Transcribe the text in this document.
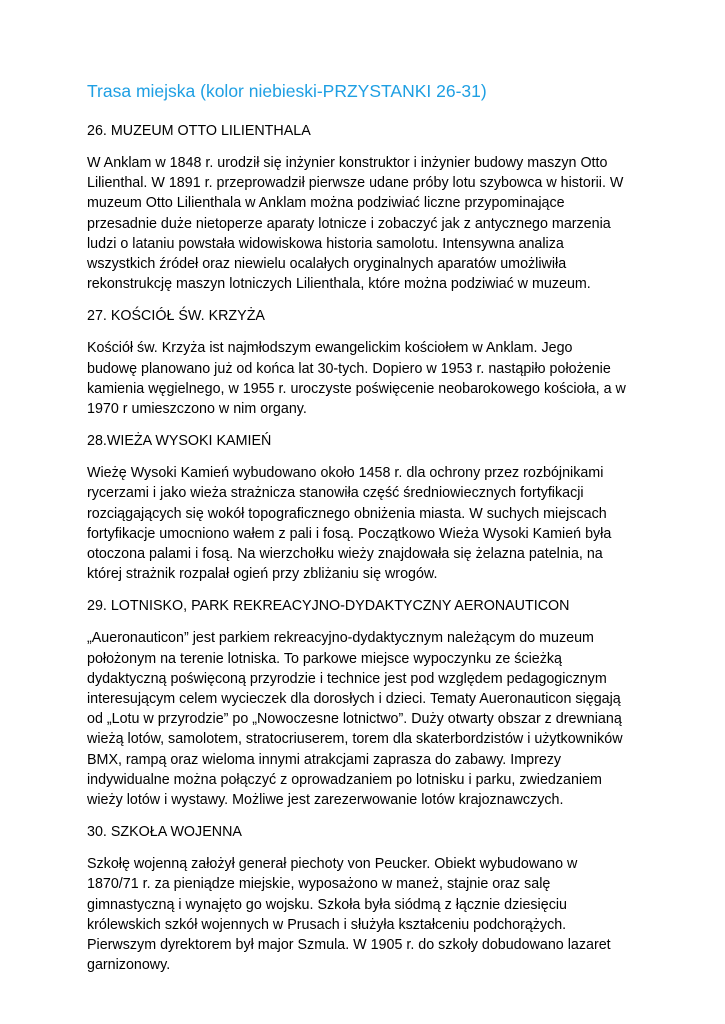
Trasa miejska (kolor niebieski-PRZYSTANKI 26-31)

26. MUZEUM OTTO LILIENTHALA

W Anklam w 1848 r. urodził się inżynier konstruktor i inżynier budowy maszyn Otto
Lilienthal. W 1891 r. przeprowadził pierwsze udane próby lotu szybowca w historii. W
muzeum Otto Lilienthala w Anklam można podziwiać liczne przypominające
przesadnie duże nietoperze aparaty lotnicze i zobaczyć jak z antycznego marzenia
ludzi o lataniu powstała widowiskowa historia samolotu. Intensywna analiza
wszystkich źródeł oraz niewielu ocalałych oryginalnych aparatów umożliwiła
rekonstrukcję maszyn lotniczych Lilienthala, które można podziwiać w muzeum.

27. KOŚCIÓŁ ŚW. KRZYŻA

Kościół św. Krzyża ist najmłodszym ewangelickim kościołem w Anklam. Jego
budowę planowano już od końca lat 30-tych. Dopiero w 1953 r. nastąpiło położenie
kamienia węgielnego, w 1955 r. uroczyste poświęcenie neobarokowego kościoła, a w
1970 r umieszczono w nim organy.

28.WIEŻA WYSOKI KAMIEŃ

Wieżę Wysoki Kamień wybudowano około 1458 r. dla ochrony przez rozbójnikami
rycerzami i jako wieża strażnicza stanowiła część średniowiecznych fortyfikacji
rozciągających się wokół topograficznego obniżenia miasta. W suchych miejscach
fortyfikacje umocniono wałem z pali i fosą. Początkowo Wieża Wysoki Kamień była
otoczona palami i fosą. Na wierzchołku wieży znajdowała się żelazna patelnia, na
której strażnik rozpalał ogień przy zbliżaniu się wrogów.

29. LOTNISKO, PARK REKREACYJNO-DYDAKTYCZNY AERONAUTICON

„Aueronauticon” jest parkiem rekreacyjno-dydaktycznym należącym do muzeum
położonym na terenie lotniska. To parkowe miejsce wypoczynku ze ścieżką
dydaktyczną poświęconą przyrodzie i technice jest pod względem pedagogicznym
interesującym celem wycieczek dla dorosłych i dzieci. Tematy Aueronauticon sięgają
od „Lotu w przyrodzie” po „Nowoczesne lotnictwo”. Duży otwarty obszar z drewnianą
wieżą lotów, samolotem, stratocriuserem, torem dla skaterbordzistów i użytkowników
BMX, rampą oraz wieloma innymi atrakcjami zaprasza do zabawy. Imprezy
indywidualne można połączyć z oprowadzaniem po lotnisku i parku, zwiedzaniem
wieży lotów i wystawy. Możliwe jest zarezerwowanie lotów krajoznawczych.

30. SZKOŁA WOJENNA

Szkołę wojenną założył generał piechoty von Peucker. Obiekt wybudowano w
1870/71 r. za pieniądze miejskie, wyposażono w maneż, stajnie oraz salę
gimnastyczną i wynajęto go wojsku. Szkoła była siódmą z łącznie dziesięciu
królewskich szkół wojennych w Prusach i służyła kształceniu podchorążych.
Pierwszym dyrektorem był major Szmula. W 1905 r. do szkoły dobudowano lazaret
garnizonowy.
